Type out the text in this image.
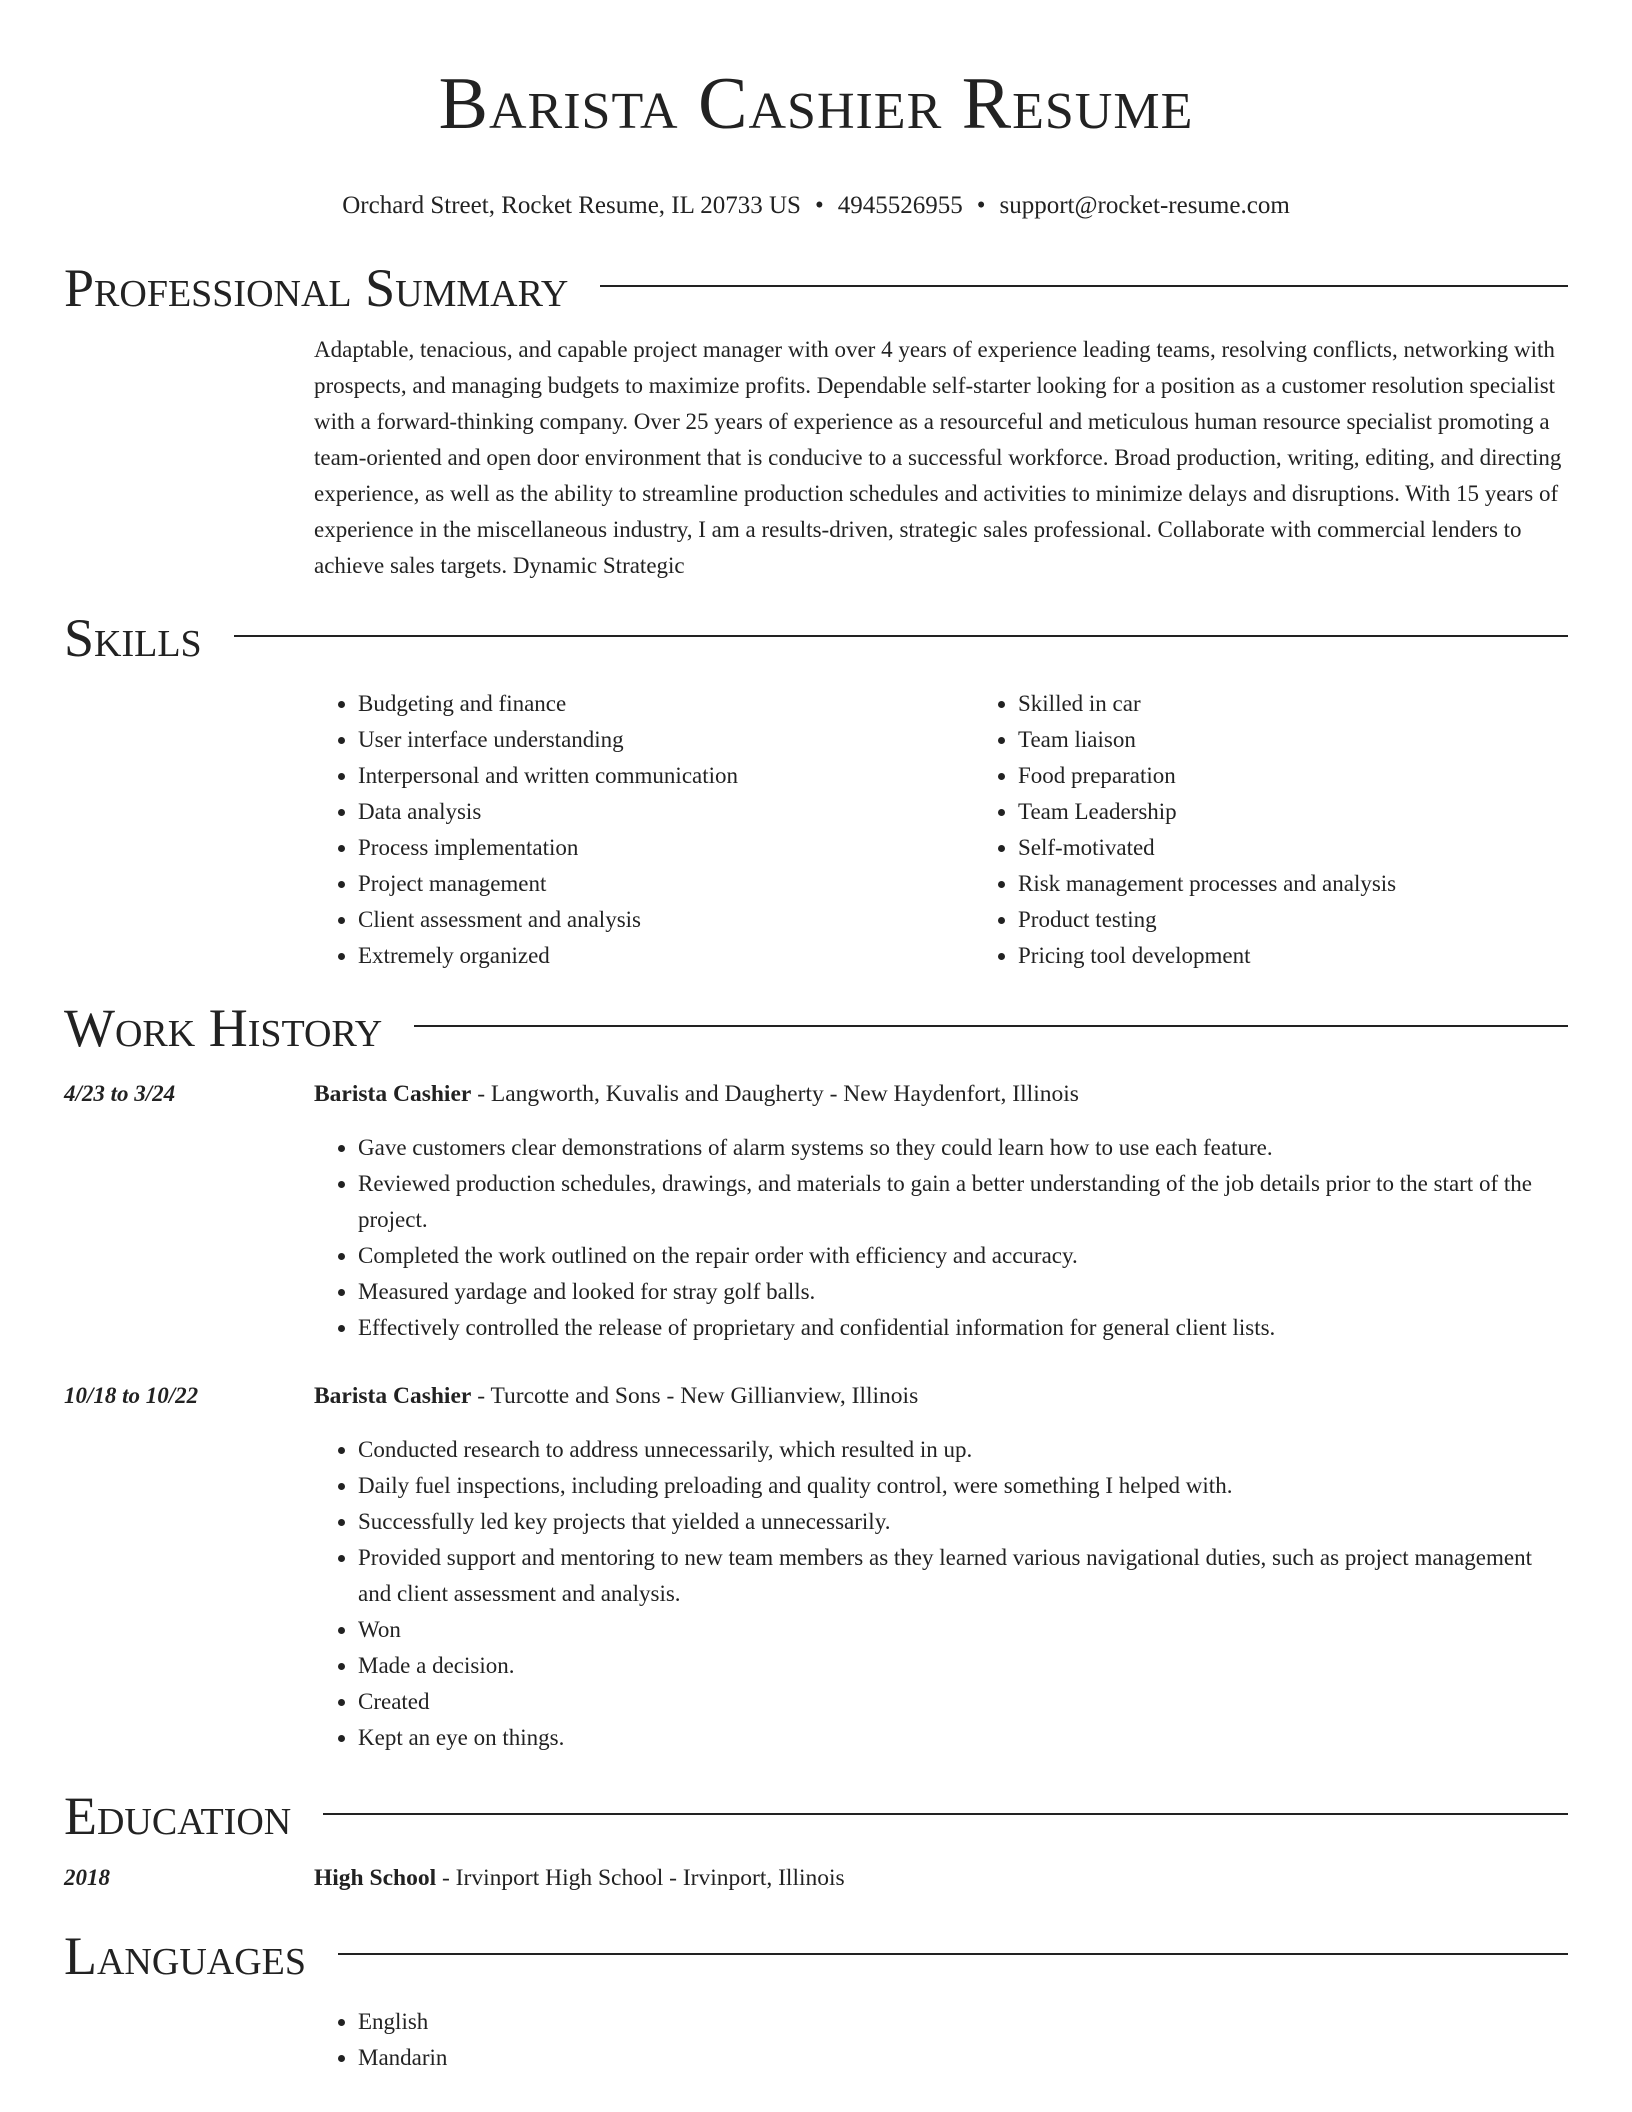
Barista Cashier Resume
Orchard Street, Rocket Resume, IL 20733 US • 4945526955 • support@rocket-resume.com
Professional Summary

Adaptable, tenacious, and capable project manager with over 4 years of experience leading teams, resolving conflicts, networking with prospects, and managing budgets to maximize profits. Dependable self-starter looking for a position as a customer resolution specialist with a forward-thinking company. Over 25 years of experience as a resourceful and meticulous human resource specialist promoting a team-oriented and open door environment that is conducive to a successful workforce. Broad production, writing, editing, and directing experience, as well as the ability to streamline production schedules and activities to minimize delays and disruptions. With 15 years of experience in the miscellaneous industry, I am a results-driven, strategic sales professional. Collaborate with commercial lenders to achieve sales targets. Dynamic Strategic

Skills
• Budgeting and finance
• User interface understanding
• Interpersonal and written communication
• Data analysis
• Process implementation
• Project management
• Client assessment and analysis
• Extremely organized
• Skilled in car
• Team liaison
• Food preparation
• Team Leadership
• Self-motivated
• Risk management processes and analysis
• Product testing
• Pricing tool development
Work History
4/23 to 3/24	Barista Cashier - Langworth, Kuvalis and Daugherty - New Haydenfort, Illinois
• Gave customers clear demonstrations of alarm systems so they could learn how to use each feature.
• Reviewed production schedules, drawings, and materials to gain a better understanding of the job details prior to the start of the project.
• Completed the work outlined on the repair order with efficiency and accuracy.
• Measured yardage and looked for stray golf balls.
• Effectively controlled the release of proprietary and confidential information for general client lists.
10/18 to 10/22	Barista Cashier - Turcotte and Sons - New Gillianview, Illinois
• Conducted research to address unnecessarily, which resulted in up.
• Daily fuel inspections, including preloading and quality control, were something I helped with.
• Successfully led key projects that yielded a unnecessarily.
• Provided support and mentoring to new team members as they learned various navigational duties, such as project management and client assessment and analysis.
• Won
• Made a decision.
• Created
• Kept an eye on things.
Education
2018	High School - Irvinport High School - Irvinport, Illinois
Languages
• English
• Mandarin
